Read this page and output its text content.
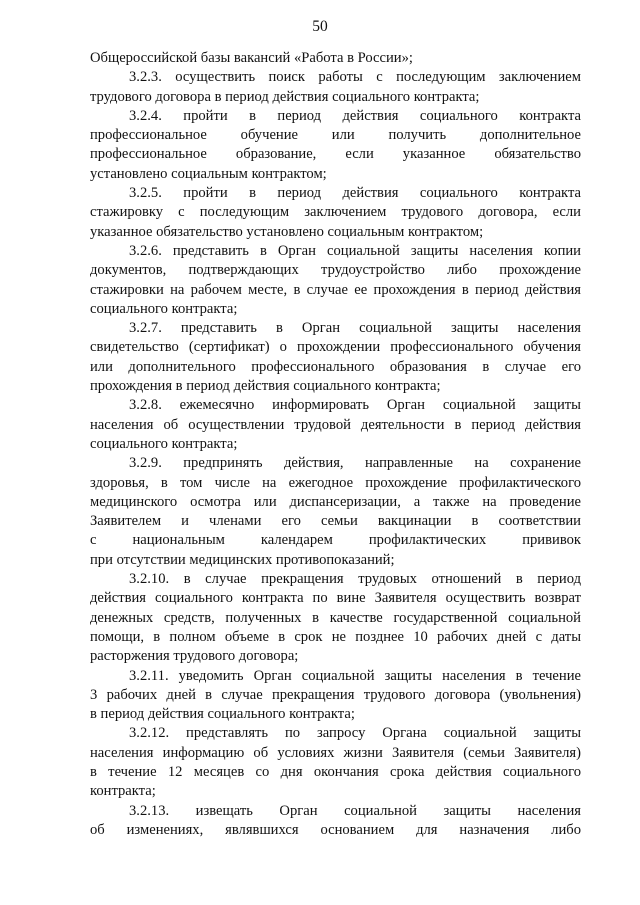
50
Общероссийской базы вакансий «Работа в России»;
3.2.3. осуществить поиск работы с последующим заключением
трудового договора в период действия социального контракта;
3.2.4. пройти в период действия социального контракта
профессиональное обучение или получить дополнительное
профессиональное образование, если указанное обязательство
установлено социальным контрактом;
3.2.5. пройти в период действия социального контракта
стажировку с последующим заключением трудового договора, если
указанное обязательство установлено социальным контрактом;
3.2.6. представить в Орган социальной защиты населения копии
документов, подтверждающих трудоустройство либо прохождение
стажировки на рабочем месте, в случае ее прохождения в период действия
социального контракта;
3.2.7. представить в Орган социальной защиты населения
свидетельство (сертификат) о прохождении профессионального обучения
или дополнительного профессионального образования в случае его
прохождения в период действия социального контракта;
3.2.8. ежемесячно информировать Орган социальной защиты
населения об осуществлении трудовой деятельности в период действия
социального контракта;
3.2.9. предпринять действия, направленные на сохранение
здоровья, в том числе на ежегодное прохождение профилактического
медицинского осмотра или диспансеризации, а также на проведение
Заявителем и членами его семьи вакцинации в соответствии
с национальным календарем профилактических прививок
при отсутствии медицинских противопоказаний;
3.2.10. в случае прекращения трудовых отношений в период
действия социального контракта по вине Заявителя осуществить возврат
денежных средств, полученных в качестве государственной социальной
помощи, в полном объеме в срок не позднее 10 рабочих дней с даты
расторжения трудового договора;
3.2.11. уведомить Орган социальной защиты населения в течение
3 рабочих дней в случае прекращения трудового договора (увольнения)
в период действия социального контракта;
3.2.12. представлять по запросу Органа социальной защиты
населения информацию об условиях жизни Заявителя (семьи Заявителя)
в течение 12 месяцев со дня окончания срока действия социального
контракта;
3.2.13. извещать Орган социальной защиты населения
об изменениях, являвшихся основанием для назначения либо
